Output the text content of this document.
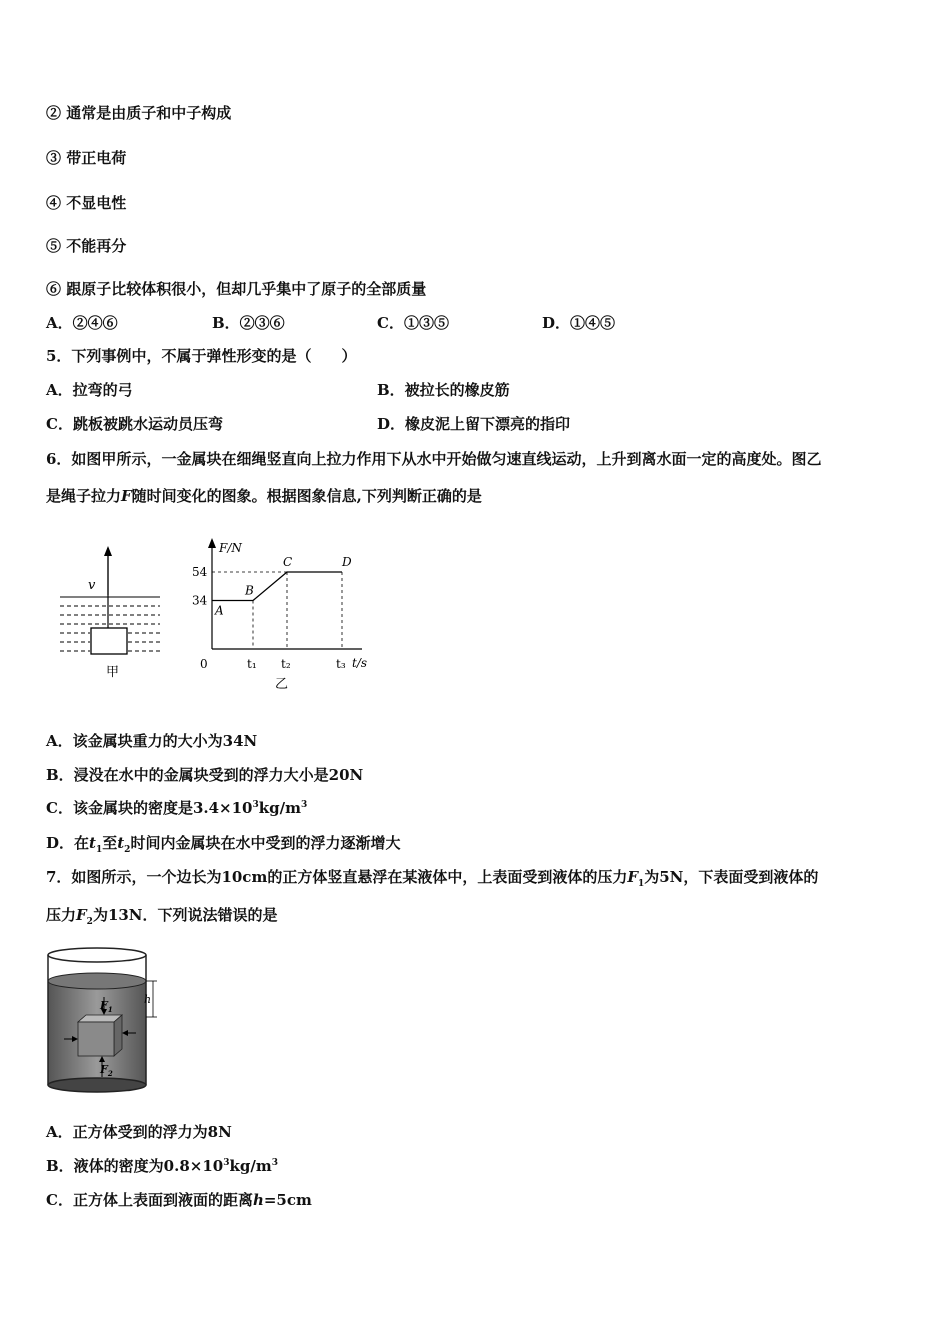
② 通常是由质子和中子构成
③ 带正电荷
④ 不显电性
⑤ 不能再分
⑥ 跟原子比较体积很小，但却几乎集中了原子的全部质量
A．②④⑥	B．②③⑥	C．①③⑤	D．①④⑤
5．下列事例中，不属于弹性形变的是（　　）
A．拉弯的弓	B．被拉长的橡皮筋
C．跳板被跳水运动员压弯	D．橡皮泥上留下漂亮的指印
6．如图甲所示，一金属块在细绳竖直向上拉力作用下从水中开始做匀速直线运动，上升到离水面一定的高度处。图乙
是绳子拉力F随时间变化的图象。根据图象信息,下列判断正确的是
v
甲
F/N
t/s
0
34
54
t₁ t₂	t₃
A
B
C	D
乙
A．该金属块重力的大小为34N
B．浸没在水中的金属块受到的浮力大小是20N
C．该金属块的密度是$3.4\times 10^3kg/m^3$
D．在$t_1$至$t_2$时间内金属块在水中受到的浮力逐渐增大
7．如图所示，一个边长为10cm的正方体竖直悬浮在某液体中，上表面受到液体的压力$F_1$为5N，下表面受到液体的
压力$F_2$为13N．下列说法错误的是
$F_1$
$F_2$
h
A．正方体受到的浮力为8N
B．液体的密度为$0.8\times 10^3kg/m^3$
C．正方体上表面到液面的距离h=5cm
